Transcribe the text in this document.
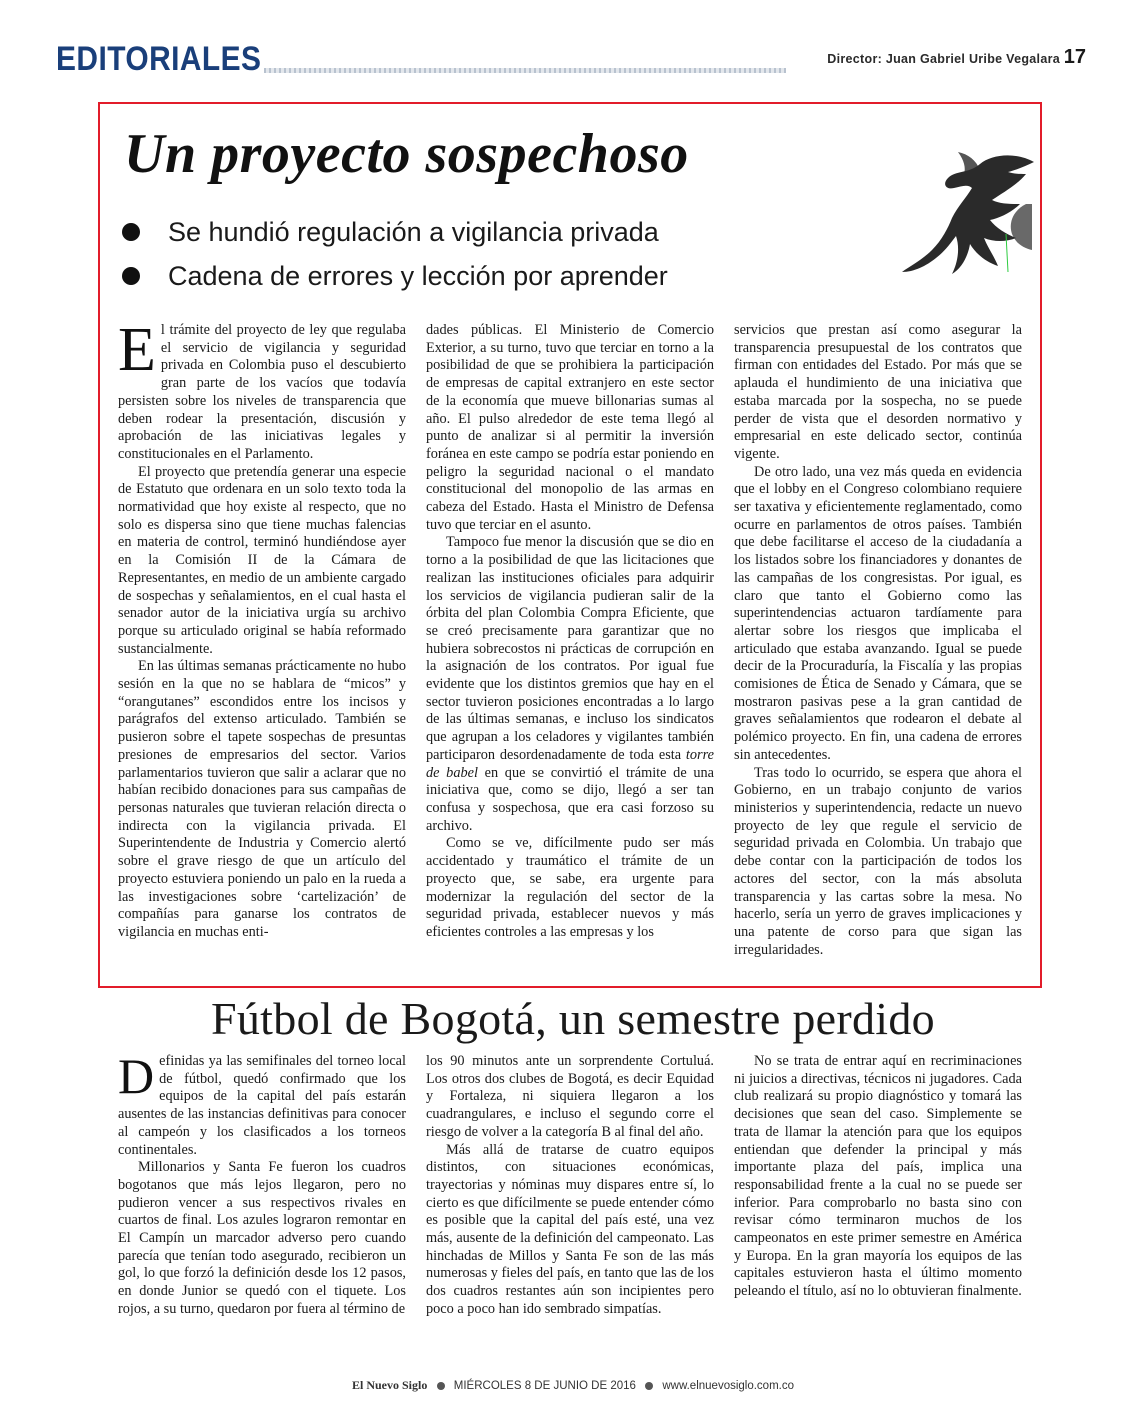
EDITORIALES	Director: Juan Gabriel Uribe Vegalara 17
Un proyecto sospechoso
Se hundió regulación a vigilancia privada
Cadena de errores y lección por aprender

El trámite del proyecto de ley que regulaba el servicio de vigilancia y seguridad privada en Colombia puso el descubierto gran parte de los vacíos que todavía persisten sobre los niveles de transparencia que deben rodear la presentación, discusión y aprobación de las iniciativas legales y constitucionales en el Parlamento.

El proyecto que pretendía generar una especie de Estatuto que ordenara en un solo texto toda la normatividad que hoy existe al respecto, que no solo es dispersa sino que tiene muchas falencias en materia de control, terminó hundiéndose ayer en la Comisión II de la Cámara de Representantes, en medio de un ambiente cargado de sospechas y señalamientos, en el cual hasta el senador autor de la iniciativa urgía su archivo porque su articulado original se había reformado sustancialmente.

En las últimas semanas prácticamente no hubo sesión en la que no se hablara de “micos” y “orangutanes” escondidos entre los incisos y parágrafos del extenso articulado. También se pusieron sobre el tapete sospechas de presuntas presiones de empresarios del sector. Varios parlamentarios tuvieron que salir a aclarar que no habían recibido donaciones para sus campañas de personas naturales que tuvieran relación directa o indirecta con la vigilancia privada. El Superintendente de Industria y Comercio alertó sobre el grave riesgo de que un artículo del proyecto estuviera poniendo un palo en la rueda a las investigaciones sobre ‘cartelización’ de compañías para ganarse los contratos de vigilancia en muchas enti-

dades públicas. El Ministerio de Comercio Exterior, a su turno, tuvo que terciar en torno a la posibilidad de que se prohibiera la participación de empresas de capital extranjero en este sector de la economía que mueve billonarias sumas al año. El pulso alrededor de este tema llegó al punto de analizar si al permitir la inversión foránea en este campo se podría estar poniendo en peligro la seguridad nacional o el mandato constitucional del monopolio de las armas en cabeza del Estado. Hasta el Ministro de Defensa tuvo que terciar en el asunto.

Tampoco fue menor la discusión que se dio en torno a la posibilidad de que las licitaciones que realizan las instituciones oficiales para adquirir los servicios de vigilancia pudieran salir de la órbita del plan Colombia Compra Eficiente, que se creó precisamente para garantizar que no hubiera sobrecostos ni prácticas de corrupción en la asignación de los contratos. Por igual fue evidente que los distintos gremios que hay en el sector tuvieron posiciones encontradas a lo largo de las últimas semanas, e incluso los sindicatos que agrupan a los celadores y vigilantes también participaron desordenadamente de toda esta torre de babel en que se convirtió el trámite de una iniciativa que, como se dijo, llegó a ser tan confusa y sospechosa, que era casi forzoso su archivo.

Como se ve, difícilmente pudo ser más accidentado y traumático el trámite de un proyecto que, se sabe, era urgente para modernizar la regulación del sector de la seguridad privada, establecer nuevos y más eficientes controles a las empresas y los

servicios que prestan así como asegurar la transparencia presupuestal de los contratos que firman con entidades del Estado. Por más que se aplauda el hundimiento de una iniciativa que estaba marcada por la sospecha, no se puede perder de vista que el desorden normativo y empresarial en este delicado sector, continúa vigente.

De otro lado, una vez más queda en evidencia que el lobby en el Congreso colombiano requiere ser taxativa y eficientemente reglamentado, como ocurre en parlamentos de otros países. También que debe facilitarse el acceso de la ciudadanía a los listados sobre los financiadores y donantes de las campañas de los congresistas. Por igual, es claro que tanto el Gobierno como las superintendencias actuaron tardíamente para alertar sobre los riesgos que implicaba el articulado que estaba avanzando. Igual se puede decir de la Procuraduría, la Fiscalía y las propias comisiones de Ética de Senado y Cámara, que se mostraron pasivas pese a la gran cantidad de graves señalamientos que rodearon el debate al polémico proyecto. En fin, una cadena de errores sin antecedentes.

Tras todo lo ocurrido, se espera que ahora el Gobierno, en un trabajo conjunto de varios ministerios y superintendencia, redacte un nuevo proyecto de ley que regule el servicio de seguridad privada en Colombia. Un trabajo que debe contar con la participación de todos los actores del sector, con la más absoluta transparencia y las cartas sobre la mesa. No hacerlo, sería un yerro de graves implicaciones y una patente de corso para que sigan las irregularidades.

Fútbol de Bogotá, un semestre perdido

Definidas ya las semifinales del torneo local de fútbol, quedó confirmado que los equipos de la capital del país estarán ausentes de las instancias definitivas para conocer al campeón y los clasificados a los torneos continentales.

Millonarios y Santa Fe fueron los cuadros bogotanos que más lejos llegaron, pero no pudieron vencer a sus respectivos rivales en cuartos de final. Los azules lograron remontar en El Campín un marcador adverso pero cuando parecía que tenían todo asegurado, recibieron un gol, lo que forzó la definición desde los 12 pasos, en donde Junior se quedó con el tiquete. Los rojos, a su turno, quedaron por fuera al término de

los 90 minutos ante un sorprendente Cortuluá. Los otros dos clubes de Bogotá, es decir Equidad y Fortaleza, ni siquiera llegaron a los cuadrangulares, e incluso el segundo corre el riesgo de volver a la categoría B al final del año.

Más allá de tratarse de cuatro equipos distintos, con situaciones económicas, trayectorias y nóminas muy dispares entre sí, lo cierto es que difícilmente se puede entender cómo es posible que la capital del país esté, una vez más, ausente de la definición del campeonato. Las hinchadas de Millos y Santa Fe son de las más numerosas y fieles del país, en tanto que las de los dos cuadros restantes aún son incipientes pero poco a poco han ido sembrado simpatías.

No se trata de entrar aquí en recriminaciones ni juicios a directivas, técnicos ni jugadores. Cada club realizará su propio diagnóstico y tomará las decisiones que sean del caso. Simplemente se trata de llamar la atención para que los equipos entiendan que defender la principal y más importante plaza del país, implica una responsabilidad frente a la cual no se puede ser inferior. Para comprobarlo no basta sino con revisar cómo terminaron muchos de los campeonatos en este primer semestre en América y Europa. En la gran mayoría los equipos de las capitales estuvieron hasta el último momento peleando el título, así no lo obtuvieran finalmente.

El Nuevo Siglo MIÉRCOLES 8 DE JUNIO DE 2016 www.elnuevosiglo.com.co
